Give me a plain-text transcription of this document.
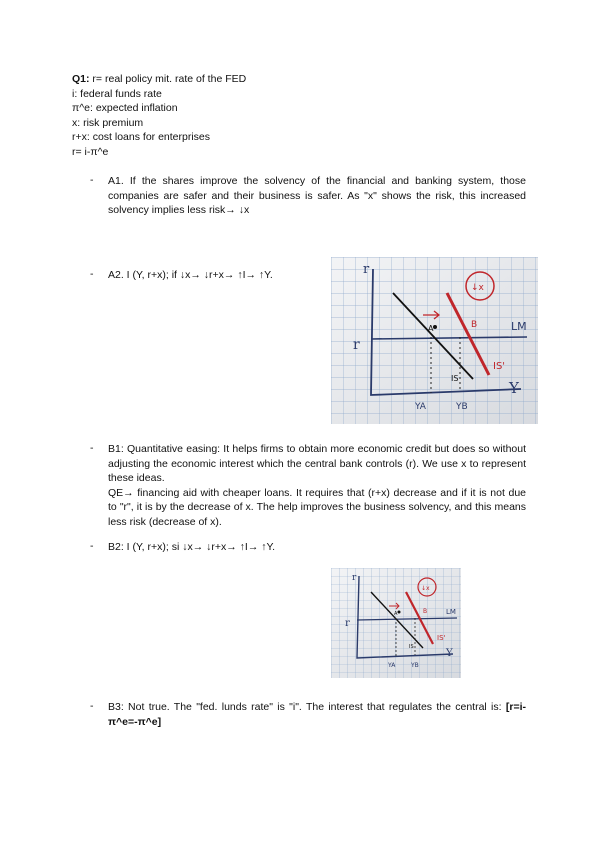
Q1: r= real policy mit. rate of the FED
i: federal funds rate
π^e: expected inflation
x: risk premium
r+x: cost loans for enterprises
r= i-π^e
- A1. If the shares improve the solvency of the financial and banking system, those companies are safer and their business is safer. As "x" shows the risk, this increased solvency implies less risk→ ↓x
- A2. I (Y, r+x); if ↓x→ ↓r+x→ ↑I→ ↑Y.	r
r
LM
IS
IS'
A	B
Y
YA	YB
↓x
- B1: Quantitative easing: It helps firms to obtain more economic credit but does so without adjusting the economic interest which the central bank controls (r). We use x to represent these ideas.
QE→ financing aid with cheaper loans. It requires that (r+x) decrease and if it is not due to "r", it is by the decrease of x. The help improves the business solvency, and this means less risk (decrease of x).
- B2: I (Y, r+x); si ↓x→ ↓r+x→ ↑I→ ↑Y.
r
r
LM
IS
IS'
A	B
Y
YA	YB
↓x
- B3: Not true. The "fed. lunds rate" is "i". The interest that regulates the central is: [r=i-π^e=-π^e]
